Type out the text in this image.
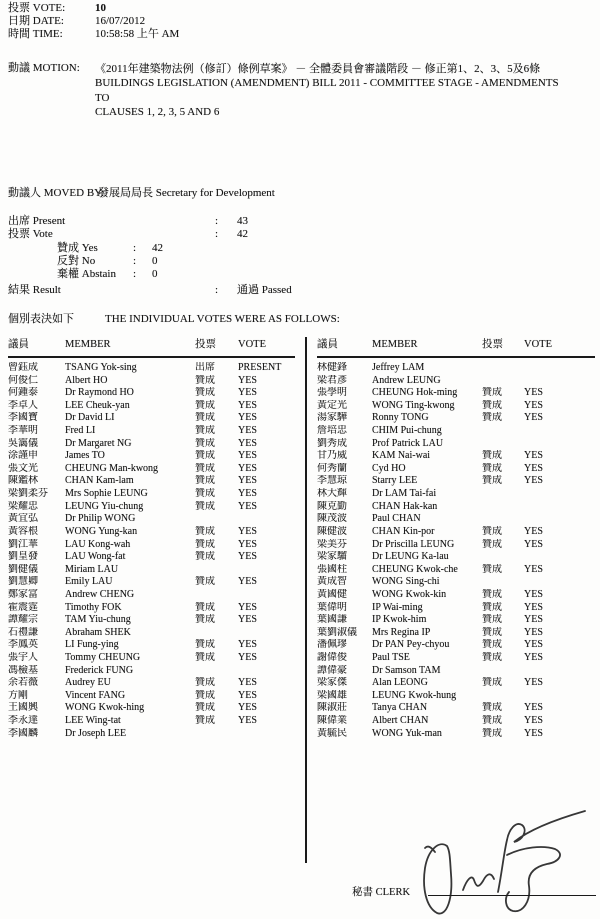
投票 VOTE:	10
日期 DATE:	16/07/2012
時間 TIME:	10:58:58 上午 AM
動議 MOTION: 《2011年建築物法例（修訂）條例草案》 － 全體委員會審議階段 － 修正第1、2、3、5及6條
BUILDINGS LEGISLATION (AMENDMENT) BILL 2011 - COMMITTEE STAGE - AMENDMENTS TO
CLAUSES 1, 2, 3, 5 AND 6
動議人 MOVED BY:
發展局局長 Secretary for Development
出席 Present	: 43
投票 Vote	: 42
贊成 Yes	: 42
反對 No	: 0
棄權 Abstain : 0
結果 Result	: 通過 Passed
個別表決如下	THE INDIVIDUAL VOTES WERE AS FOLLOWS:
議員	MEMBER	投票	VOTE
曾鈺成	TSANG Yok-sing	出席	PRESENT
何俊仁	Albert HO	贊成	YES
何鍾泰	Dr Raymond HO	贊成	YES
李卓人	LEE Cheuk-yan	贊成	YES
李國寶	Dr David LI	贊成	YES
李華明	Fred LI	贊成	YES
吳靄儀	Dr Margaret NG	贊成	YES
涂謹申	James TO	贊成	YES
張文光	CHEUNG Man-kwong	贊成	YES
陳鑑林	CHAN Kam-lam	贊成	YES
梁劉柔芬	Mrs Sophie LEUNG	贊成	YES
梁耀忠	LEUNG Yiu-chung	贊成	YES
黃宜弘	Dr Philip WONG
黃容根	WONG Yung-kan	贊成	YES
劉江華	LAU Kong-wah	贊成	YES
劉皇發	LAU Wong-fat	贊成	YES
劉健儀	Miriam LAU
劉慧卿	Emily LAU	贊成	YES
鄭家富	Andrew CHENG
霍震霆	Timothy FOK	贊成	YES
譚耀宗	TAM Yiu-chung	贊成	YES
石禮謙	Abraham SHEK
李鳳英	LI Fung-ying	贊成	YES
張宇人	Tommy CHEUNG	贊成	YES
馮檢基	Frederick FUNG
余若薇	Audrey EU	贊成	YES
方剛	Vincent FANG	贊成	YES
王國興	WONG Kwok-hing	贊成	YES
李永達	LEE Wing-tat	贊成	YES
李國麟	Dr Joseph LEE
議員	MEMBER	投票	VOTE
林健鋒	Jeffrey LAM
梁君彥	Andrew LEUNG
張學明	CHEUNG Hok-ming	贊成	YES
黃定光	WONG Ting-kwong	贊成	YES
湯家驊	Ronny TONG	贊成	YES
詹培忠	CHIM Pui-chung
劉秀成	Prof Patrick LAU
甘乃威	KAM Nai-wai	贊成	YES
何秀蘭	Cyd HO	贊成	YES
李慧琼	Starry LEE	贊成	YES
林大輝	Dr LAM Tai-fai
陳克勤	CHAN Hak-kan
陳茂波	Paul CHAN
陳健波	CHAN Kin-por	贊成	YES
梁美芬	Dr Priscilla LEUNG	贊成	YES
梁家騮	Dr LEUNG Ka-lau
張國柱	CHEUNG Kwok-che	贊成	YES
黃成智	WONG Sing-chi
黃國健	WONG Kwok-kin	贊成	YES
葉偉明	IP Wai-ming	贊成	YES
葉國謙	IP Kwok-him	贊成	YES
葉劉淑儀	Mrs Regina IP	贊成	YES
潘佩璆	Dr PAN Pey-chyou	贊成	YES
謝偉俊	Paul TSE	贊成	YES
譚偉豪	Dr Samson TAM
梁家傑	Alan LEONG	贊成	YES
梁國雄	LEUNG Kwok-hung
陳淑莊	Tanya CHAN	贊成	YES
陳偉業	Albert CHAN	贊成	YES
黃毓民	WONG Yuk-man	贊成	YES
秘書 CLERK
